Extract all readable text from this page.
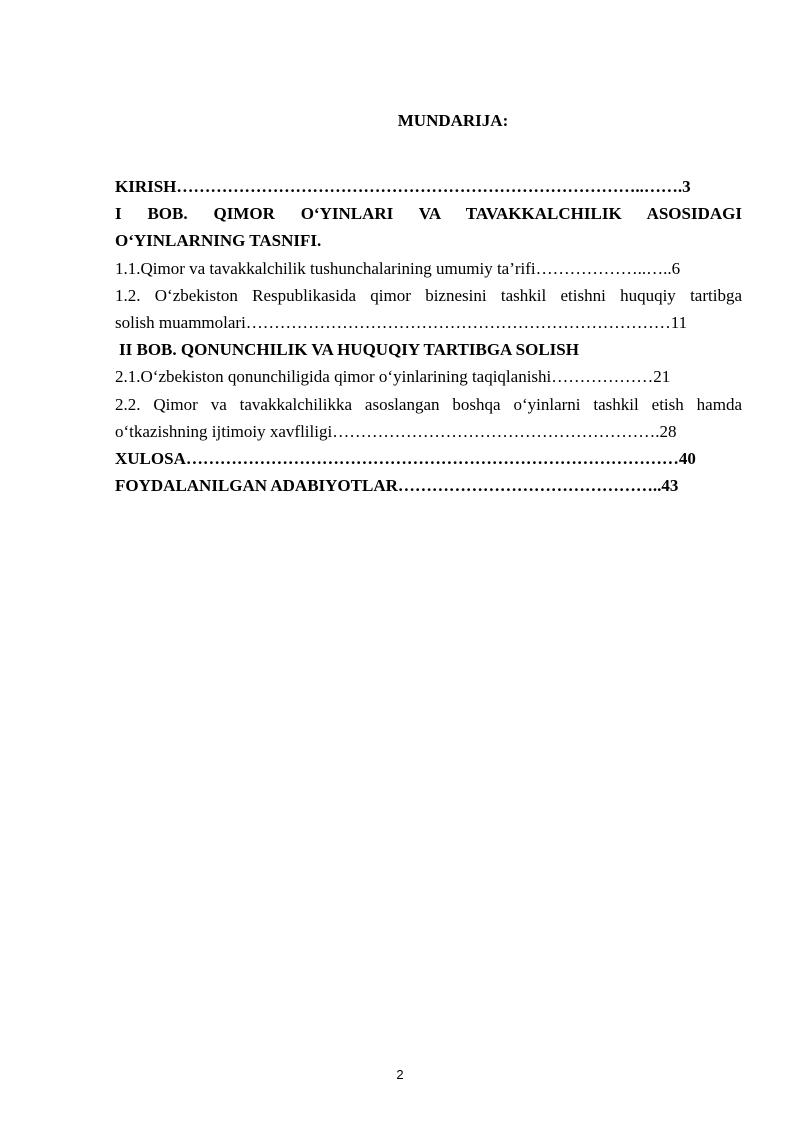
MUNDARIJA:
KIRISH………………………………………………………………………..…….3
I BOB. QIMOR O‘YINLARI VA TAVAKKALCHILIK ASOSIDAGI
O‘YINLARNING TASNIFI.
1.1.Qimor va tavakkalchilik tushunchalarining umumiy ta’rifi………………..…..6
1.2. O‘zbekiston Respublikasida qimor biznesini tashkil etishni huquqiy tartibga
solish muammolari…………………………………………………………………11
II BOB. QONUNCHILIK VA HUQUQIY TARTIBGA SOLISH
2.1.O‘zbekiston qonunchiligida qimor o‘yinlarining taqiqlanishi………………21
2.2. Qimor va tavakkalchilikka asoslangan boshqa o‘yinlarni tashkil etish hamda
o‘tkazishning ijtimoiy xavfliligi………………………………………………….28
XULOSA……………………………………………………………………………40
FOYDALANILGAN ADABIYOTLAR………………………………………..43
2
